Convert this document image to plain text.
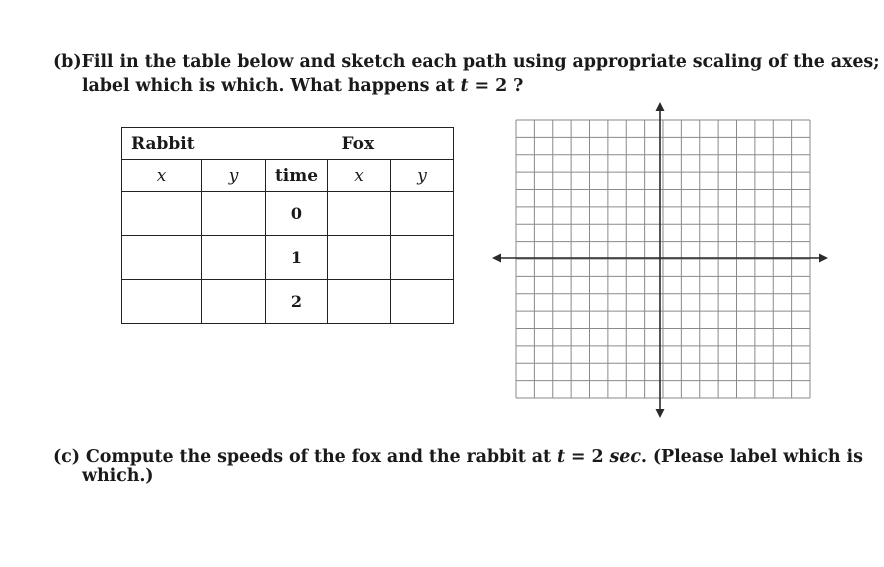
(b)Fill in the table below and sketch each path using appropriate scaling of the axes;
label which is which. What happens at t = 2 ?
Rabbit			Fox	
x	y	time	x	y
		0		
		1		
		2		
(c) Compute the speeds of the fox and the rabbit at t = 2 sec. (Please label which is
which.)
